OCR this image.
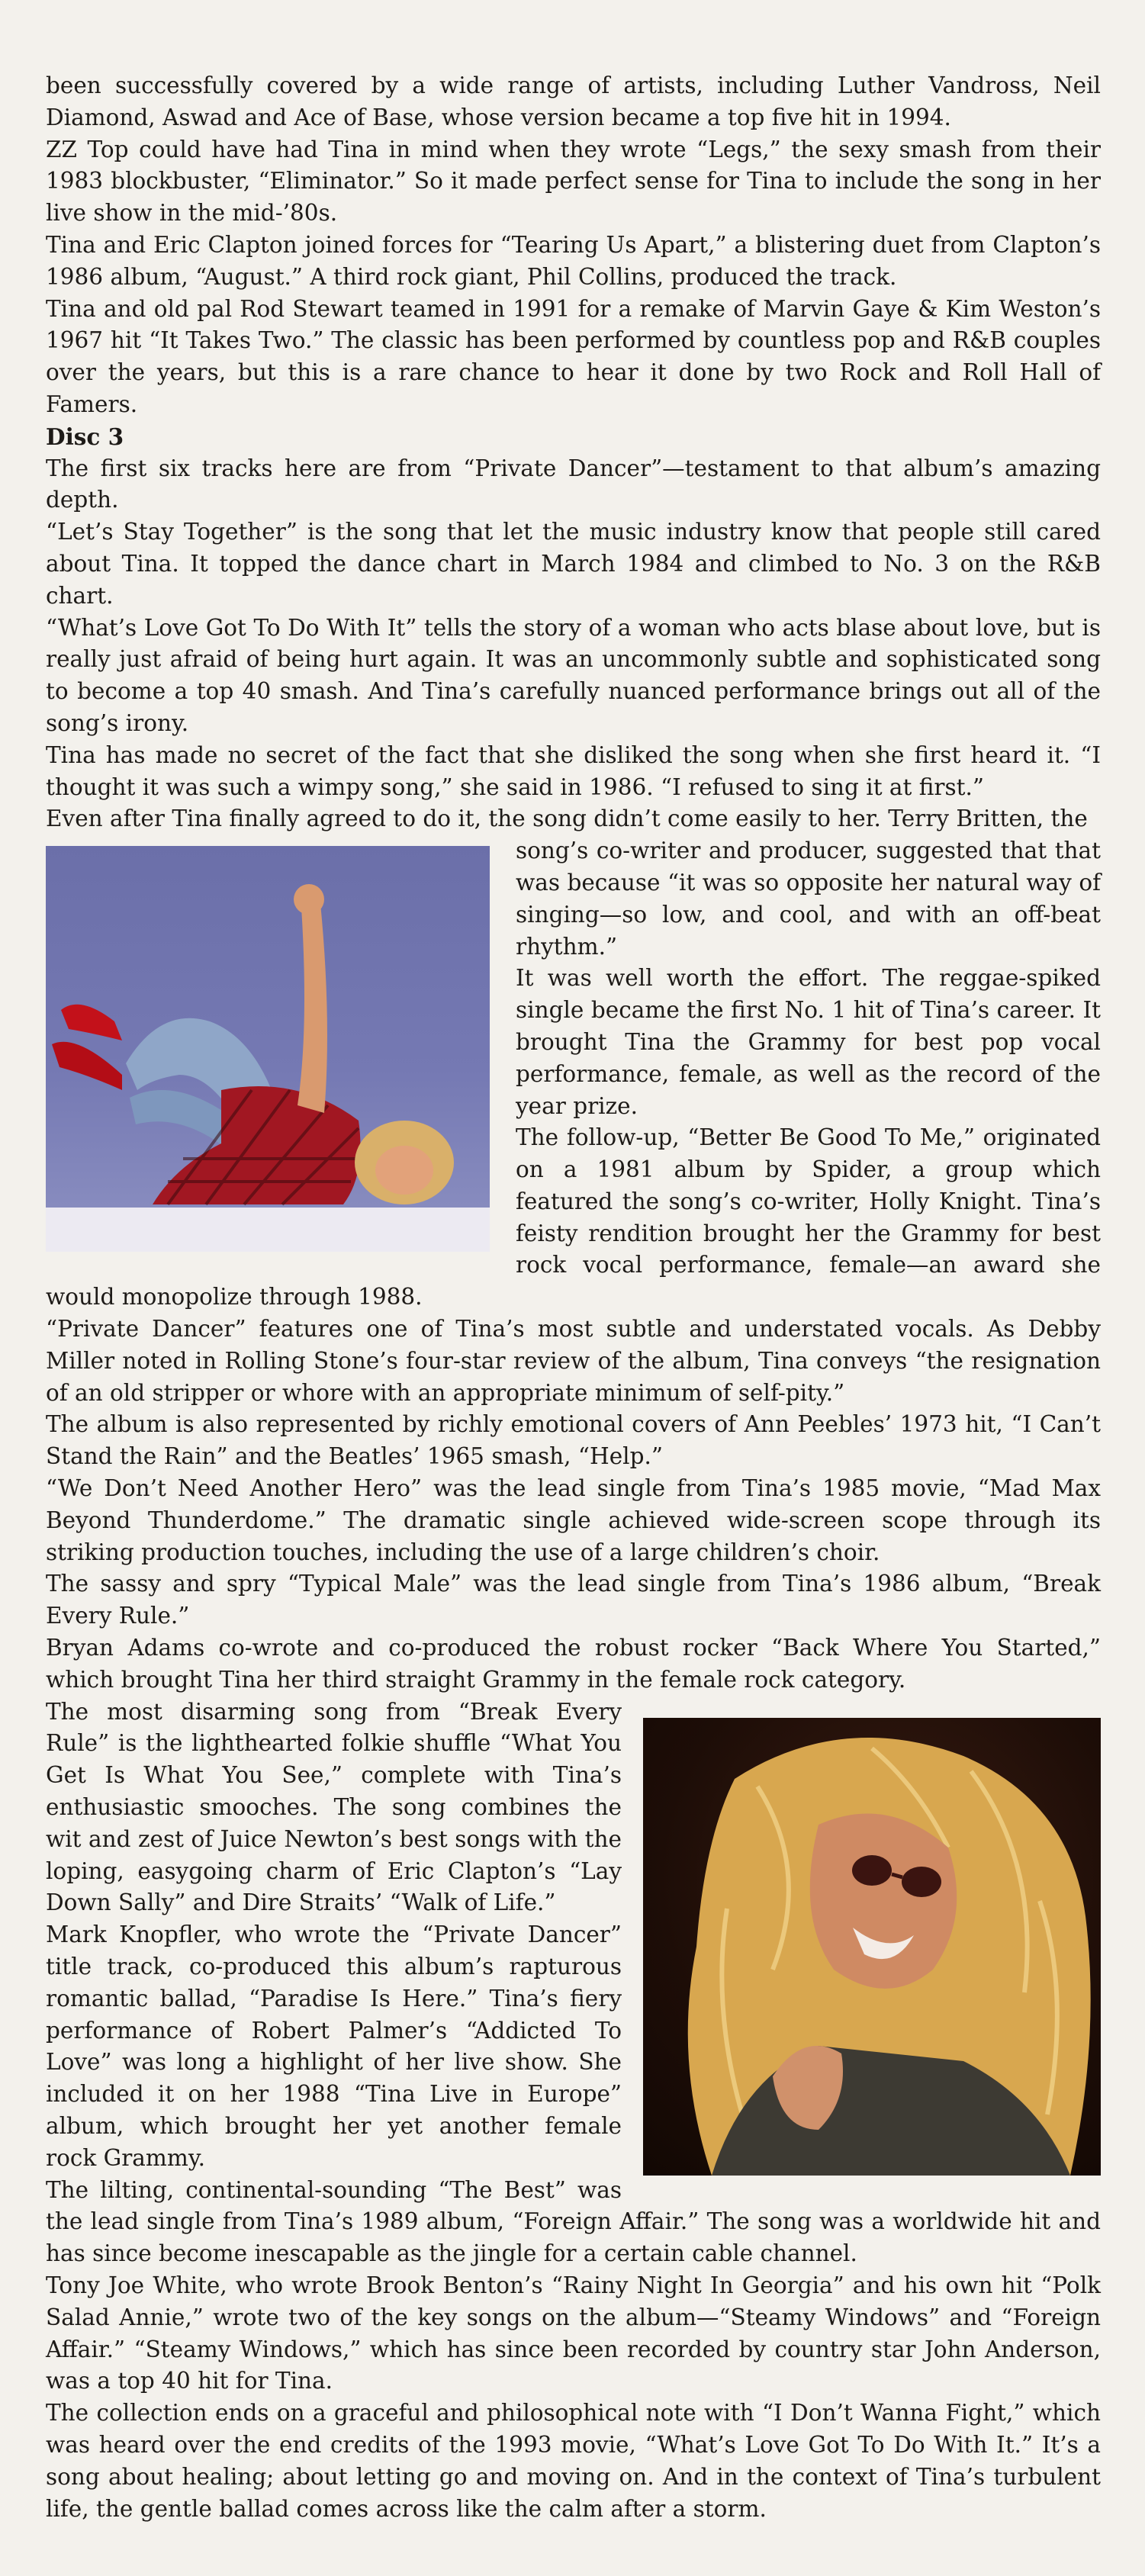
been successfully covered by a wide range of artists, including Luther Vandross, Neil Diamond, Aswad and Ace of Base, whose version became a top five hit in 1994.

ZZ Top could have had Tina in mind when they wrote “Legs,” the sexy smash from their 1983 blockbuster, “Eliminator.” So it made perfect sense for Tina to include the song in her live show in the mid-’80s.

Tina and Eric Clapton joined forces for “Tearing Us Apart,” a blistering duet from Clapton’s 1986 album, “August.” A third rock giant, Phil Collins, produced the track.

Tina and old pal Rod Stewart teamed in 1991 for a remake of Marvin Gaye & Kim Weston’s 1967 hit “It Takes Two.” The classic has been performed by countless pop and R&B couples over the years, but this is a rare chance to hear it done by two Rock and Roll Hall of Famers.

Disc 3

The first six tracks here are from “Private Dancer”—testament to that album’s amazing depth.

“Let’s Stay Together” is the song that let the music industry know that people still cared about Tina. It topped the dance chart in March 1984 and climbed to No. 3 on the R&B chart.

“What’s Love Got To Do With It” tells the story of a woman who acts blase about love, but is really just afraid of being hurt again. It was an uncommonly subtle and sophisticated song to become a top 40 smash. And Tina’s carefully nuanced performance brings out all of the song’s irony.

Tina has made no secret of the fact that she disliked the song when she first heard it. “I thought it was such a wimpy song,” she said in 1986. “I refused to sing it at first.”

Even after Tina finally agreed to do it, the song didn’t come easily to her. Terry Britten, the

song’s co-writer and producer, suggested that that was because “it was so opposite her natural way of singing—so low, and cool, and with an off-beat rhythm.”

It was well worth the effort. The reggae-spiked single became the first No. 1 hit of Tina’s career. It brought Tina the Grammy for best pop vocal performance, female, as well as the record of the year prize.

The follow-up, “Better Be Good To Me,” originated on a 1981 album by Spider, a group which featured the song’s co-writer, Holly Knight. Tina’s feisty rendition brought her the Grammy for best rock vocal performance, female—an award she would monopolize through 1988.

“Private Dancer” features one of Tina’s most subtle and understated vocals. As Debby Miller noted in Rolling Stone’s four-star review of the album, Tina conveys “the resignation of an old stripper or whore with an appropriate minimum of self-pity.”

The album is also represented by richly emotional covers of Ann Peebles’ 1973 hit, “I Can’t Stand the Rain” and the Beatles’ 1965 smash, “Help.”

“We Don’t Need Another Hero” was the lead single from Tina’s 1985 movie, “Mad Max Beyond Thunderdome.” The dramatic single achieved wide-screen scope through its striking production touches, including the use of a large children’s choir.

The sassy and spry “Typical Male” was the lead single from Tina’s 1986 album, “Break Every Rule.”

Bryan Adams co-wrote and co-produced the robust rocker “Back Where You Started,” which brought Tina her third straight Grammy in the female rock category.

The most disarming song from “Break Every Rule” is the lighthearted folkie shuffle “What You Get Is What You See,” complete with Tina’s enthusiastic smooches. The song combines the wit and zest of Juice Newton’s best songs with the loping, easygoing charm of Eric Clapton’s “Lay Down Sally” and Dire Straits’ “Walk of Life.”

Mark Knopfler, who wrote the “Private Dancer” title track, co-produced this album’s rapturous romantic ballad, “Paradise Is Here.” Tina’s fiery performance of Robert Palmer’s “Addicted To Love” was long a highlight of her live show. She included it on her 1988 “Tina Live in Europe” album, which brought her yet another female rock Grammy.

The lilting, continental-sounding “The Best” was the lead single from Tina’s 1989 album, “Foreign Affair.” The song was a worldwide hit and has since become inescapable as the jingle for a certain cable channel.

Tony Joe White, who wrote Brook Benton’s “Rainy Night In Georgia” and his own hit “Polk Salad Annie,” wrote two of the key songs on the album—“Steamy Windows” and “Foreign Affair.” “Steamy Windows,” which has since been recorded by country star John Anderson, was a top 40 hit for Tina.

The collection ends on a graceful and philosophical note with “I Don’t Wanna Fight,” which was heard over the end credits of the 1993 movie, “What’s Love Got To Do With It.” It’s a song about healing; about letting go and moving on. And in the context of Tina’s turbulent life, the gentle ballad comes across like the calm after a storm.
